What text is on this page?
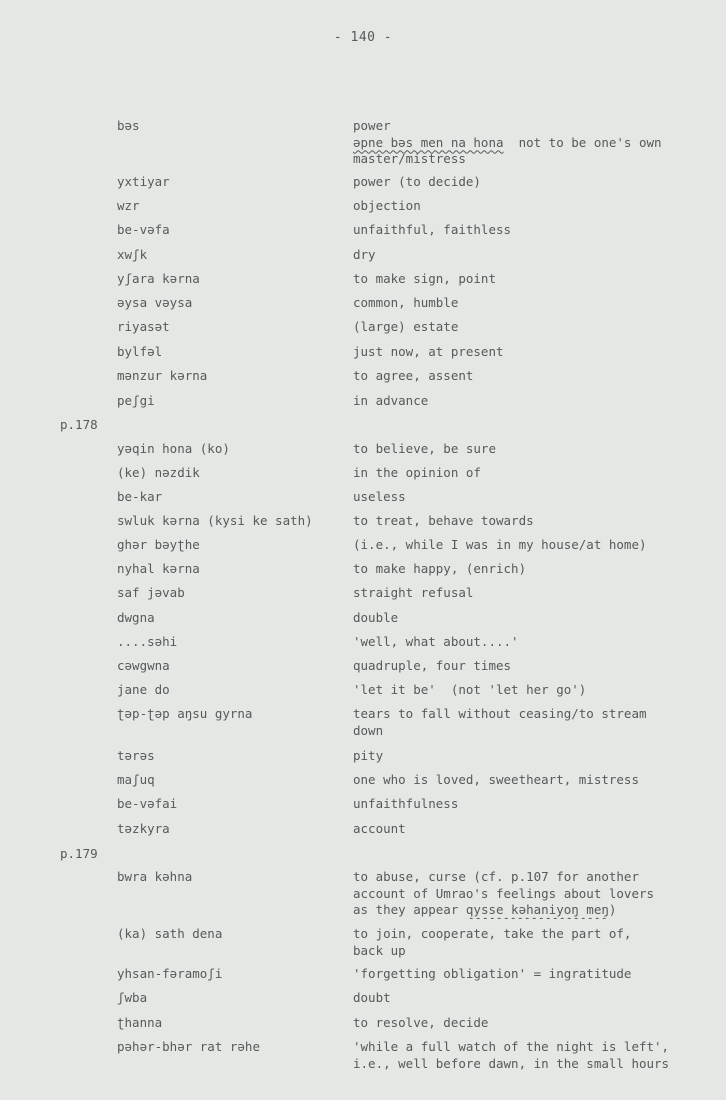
- 140 -
bəs	power
əpne bəs men na hona not to be one's own
master/mistress
yxtiyar	power (to decide)
wzr	objection
be-vəfa	unfaithful, faithless
xwʃk	dry
yʃara kərna	to make sign, point
əysa vəysa	common, humble
riyasət	(large) estate
bylfəl	just now, at present
mənzur kərna	to agree, assent
peʃgi	in advance
p.178
yəqin hona (ko)	to believe, be sure
(ke) nəzdik	in the opinion of
be-kar	useless
swluk kərna (kysi ke sath)	to treat, behave towards
ghər bəyʈhe	(i.e., while I was in my house/at home)
nyhal kərna	to make happy, (enrich)
saf jəvab	straight refusal
dwgna	double
....səhi	'well, what about....'
cəwgwna	quadruple, four times
jane do	'let it be'  (not 'let her go')
ʈəp-ʈəp aŋsu gyrna	tears to fall without ceasing/to stream
down
tərəs	pity
maʃuq	one who is loved, sweetheart, mistress
be-vəfai	unfaithfulness
təzkyra	account
p.179
bwra kəhna	to abuse, curse (cf. p.107 for another
account of Umrao's feelings about lovers
as they appear qysse kəhaniyoŋ meŋ)
(ka) sath dena	to join, cooperate, take the part of,
back up
yhsan-fəramoʃi	'forgetting obligation' = ingratitude
ʃwba	doubt
ʈhanna	to resolve, decide
pəhər-bhər rat rəhe	'while a full watch of the night is left',
i.e., well before dawn, in the small hours
